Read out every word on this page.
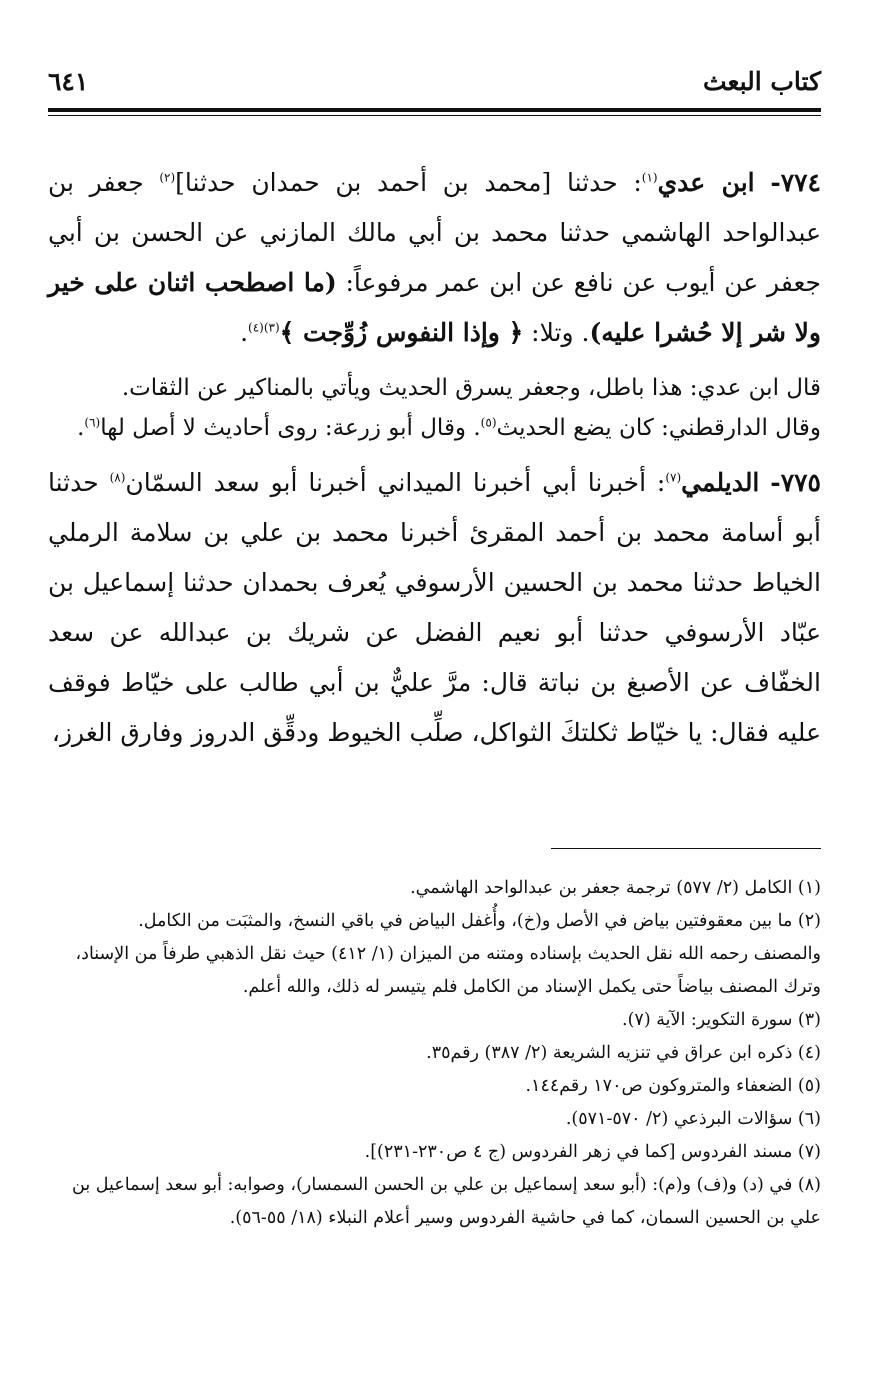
كتاب البعث
٦٤١

٧٧٤- ابن عدي$^{(١)}$: حدثنا [محمد بن أحمد بن حمدان حدثنا]$^{(٢)}$ جعفر بن عبدالواحد الهاشمي حدثنا محمد بن أبي مالك المازني عن الحسن بن أبي جعفر عن أيوب عن نافع عن ابن عمر مرفوعاً: (ما اصطحب اثنان على خير ولا شر إلا حُشرا عليه). وتلا: ﴿ وإذا النفوس زُوِّجت ﴾$^{(٣)(٤)}$.

قال ابن عدي: هذا باطل، وجعفر يسرق الحديث ويأتي بالمناكير عن الثقات.
وقال الدارقطني: كان يضع الحديث$^{(٥)}$. وقال أبو زرعة: روى أحاديث لا أصل لها$^{(٦)}$.

٧٧٥- الديلمي$^{(٧)}$: أخبرنا أبي أخبرنا الميداني أخبرنا أبو سعد السمّان$^{(٨)}$ حدثنا أبو أسامة محمد بن أحمد المقرئ أخبرنا محمد بن علي بن سلامة الرملي الخياط حدثنا محمد بن الحسين الأرسوفي يُعرف بحمدان حدثنا إسماعيل بن عبّاد الأرسوفي حدثنا أبو نعيم الفضل عن شريك بن عبدالله عن سعد الخفّاف عن الأصبغ بن نباتة قال: مرَّ عليٌّ بن أبي طالب على خيّاط فوقف عليه فقال: يا خيّاط ثكلتكَ الثواكل، صلِّب الخيوط ودقِّق الدروز وفارق الغرز،

(١) الكامل (٢/ ٥٧٧) ترجمة جعفر بن عبدالواحد الهاشمي.

(٢) ما بين معقوفتين بياض في الأصل و(خ)، وأُغفل البياض في باقي النسخ، والمثبَت من الكامل.

والمصنف رحمه الله نقل الحديث بإسناده ومتنه من الميزان (١/ ٤١٢) حيث نقل الذهبي طرفاً من الإسناد،

وترك المصنف بياضاً حتى يكمل الإسناد من الكامل فلم يتيسر له ذلك، والله أعلم.

(٣) سورة التكوير: الآية (٧).

(٤) ذكره ابن عراق في تنزيه الشريعة (٢/ ٣٨٧) رقم٣٥.

(٥) الضعفاء والمتروكون ص١٧٠ رقم١٤٤.

(٦) سؤالات البرذعي (٢/ ٥٧٠-٥٧١).

(٧) مسند الفردوس [كما في زهر الفردوس (ج ٤ ص٢٣٠-٢٣١)].

(٨) في (د) و(ف) و(م): (أبو سعد إسماعيل بن علي بن الحسن السمسار)، وصوابه: أبو سعد إسماعيل بن

علي بن الحسين السمان، كما في حاشية الفردوس وسير أعلام النبلاء (١٨/ ٥٥-٥٦).
